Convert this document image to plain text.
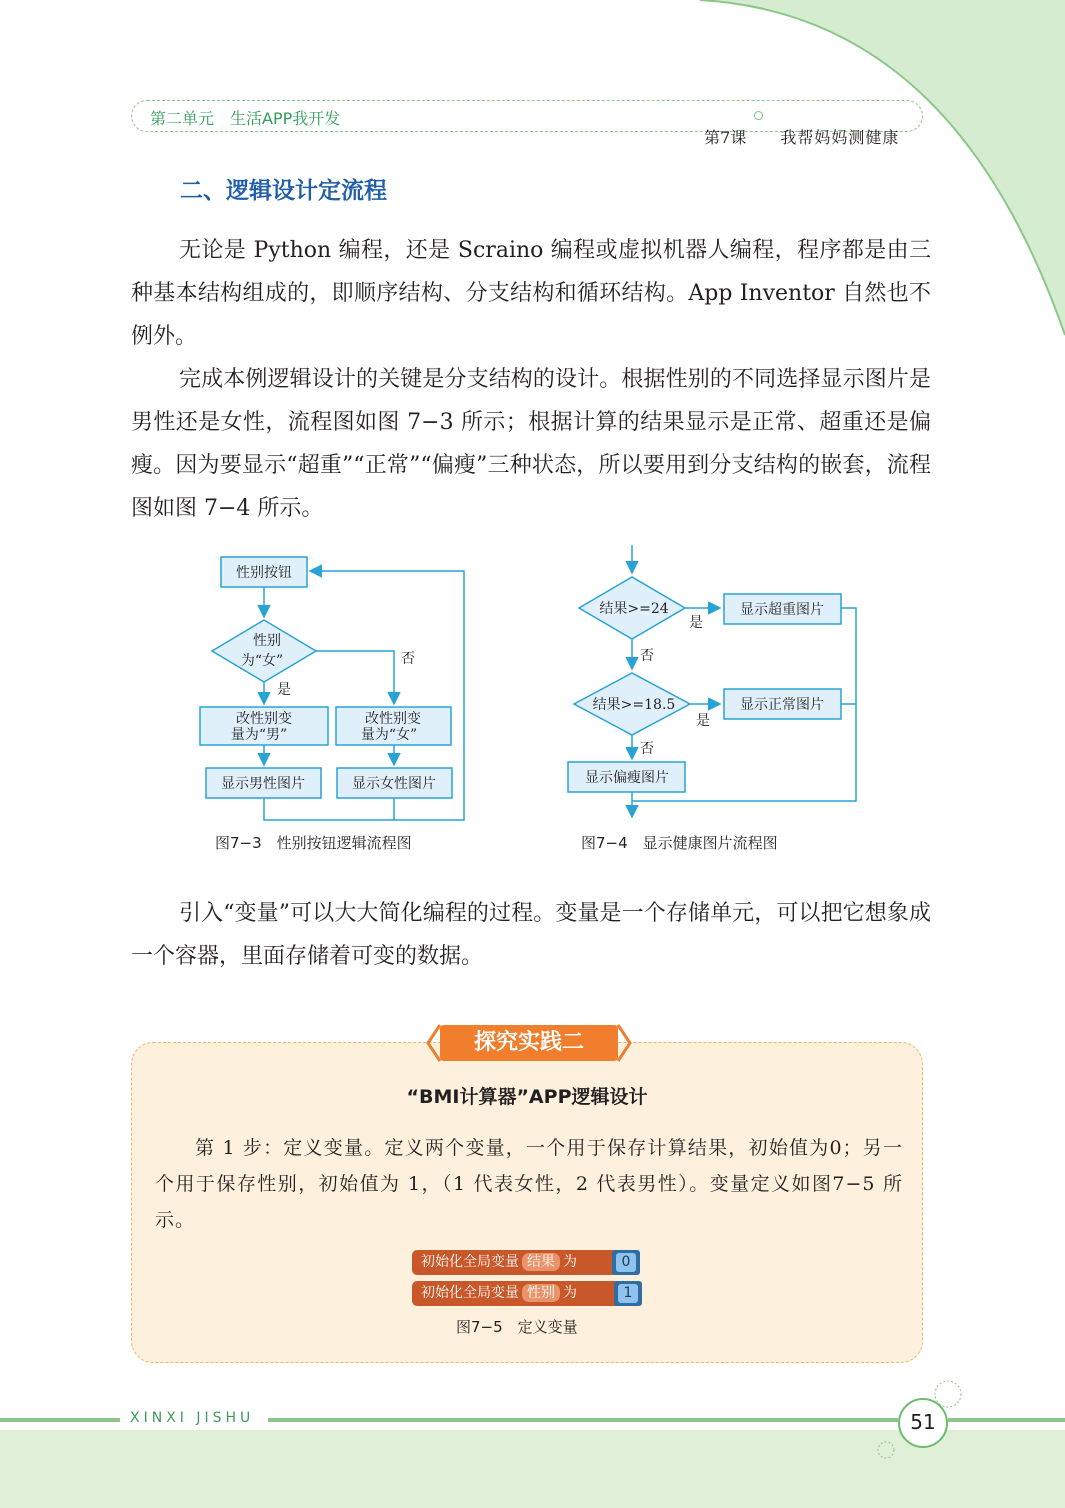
第二单元　生活APP我开发

第7课 我帮妈妈测健康

二、逻辑设计定流程

无论是 Python 编程，还是 Scraino 编程或虚拟机器人编程，程序都是由三种基本结构组成的，即顺序结构、分支结构和循环结构。App Inventor 自然也不例外。

完成本例逻辑设计的关键是分支结构的设计。根据性别的不同选择显示图片是男性还是女性，流程图如图 7−3 所示；根据计算的结果显示是正常、超重还是偏瘦。因为要显示“超重”“正常”“偏瘦”三种状态，所以要用到分支结构的嵌套，流程图如图 7−4 所示。

性别按钮
性别
为“女”
是
否
改性别变
量为“男”
改性别变
量为“女”
显示男性图片	显示女性图片
图7−3　性别按钮逻辑流程图
结果>=24
是
显示超重图片
否
结果>=18.5
是
显示正常图片
否
显示偏瘦图片
图7−4　显示健康图片流程图

引入“变量”可以大大简化编程的过程。变量是一个存储单元，可以把它想象成一个容器，里面存储着可变的数据。

探究实践二
“BMI计算器”APP逻辑设计

第 1 步：定义变量。定义两个变量，一个用于保存计算结果，初始值为0；另一个用于保存性别，初始值为 1，（1 代表女性，2 代表男性）。变量定义如图7−5 所示。

初始化全局变量 结果 为	0
初始化全局变量 性别 为	1
图7−5　定义变量
XINXI JISHU	51
